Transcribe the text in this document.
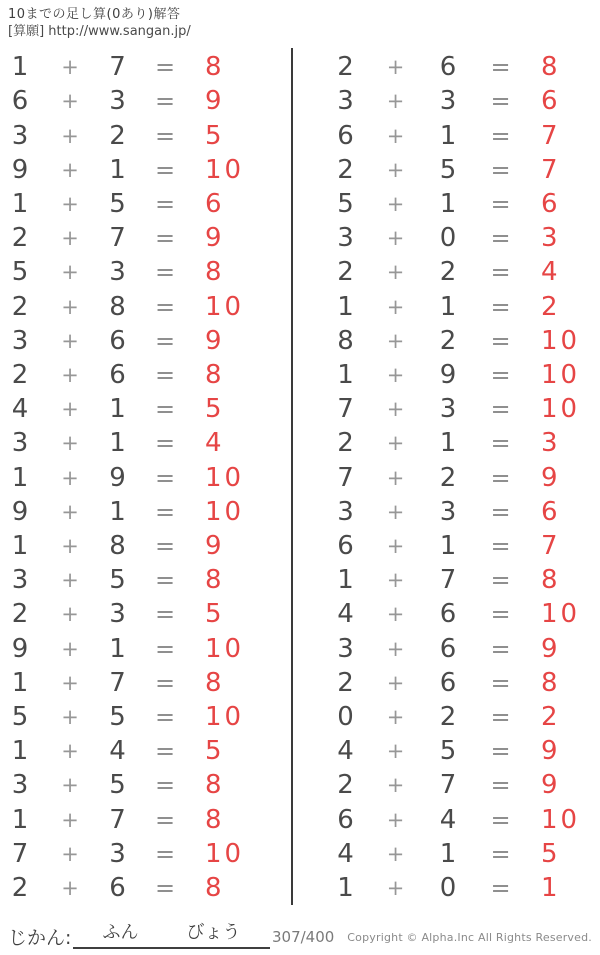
10までの足し算(0あり)解答
[算願] http://www.sangan.jp/
1	+	7	=	8
6	+	3	=	9
3	+	2	=	5
9	+	1	=	10
1	+	5	=	6
2	+	7	=	9
5	+	3	=	8
2	+	8	=	10
3	+	6	=	9
2	+	6	=	8
4	+	1	=	5
3	+	1	=	4
1	+	9	=	10
9	+	1	=	10
1	+	8	=	9
3	+	5	=	8
2	+	3	=	5
9	+	1	=	10
1	+	7	=	8
5	+	5	=	10
1	+	4	=	5
3	+	5	=	8
1	+	7	=	8
7	+	3	=	10
2	+	6	=	8
2	+	6	=	8
3	+	3	=	6
6	+	1	=	7
2	+	5	=	7
5	+	1	=	6
3	+	0	=	3
2	+	2	=	4
1	+	1	=	2
8	+	2	=	10
1	+	9	=	10
7	+	3	=	10
2	+	1	=	3
7	+	2	=	9
3	+	3	=	6
6	+	1	=	7
1	+	7	=	8
4	+	6	=	10
3	+	6	=	9
2	+	6	=	8
0	+	2	=	2
4	+	5	=	9
2	+	7	=	9
6	+	4	=	10
4	+	1	=	5
1	+	0	=	1
じかん: ふん	びょう 307/400 Copyright © Alpha.Inc All Rights Reserved.
